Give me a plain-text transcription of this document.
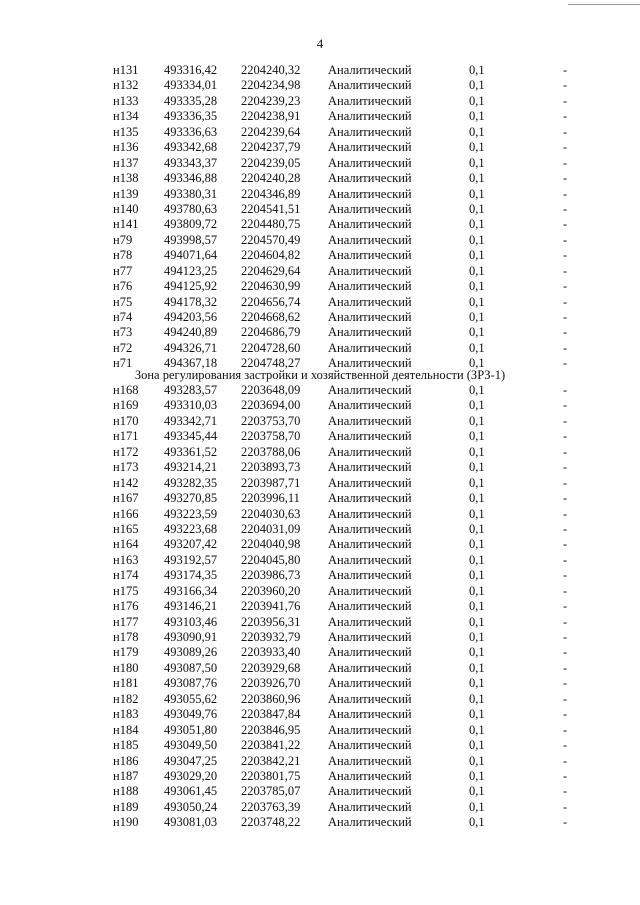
4
н131 493316,42 2204240,32 Аналитический	0,1	-
н132 493334,01 2204234,98 Аналитический	0,1	-
н133 493335,28 2204239,23 Аналитический	0,1	-
н134 493336,35 2204238,91 Аналитический	0,1	-
н135 493336,63 2204239,64 Аналитический	0,1	-
н136 493342,68 2204237,79 Аналитический	0,1	-
н137 493343,37 2204239,05 Аналитический	0,1	-
н138 493346,88 2204240,28 Аналитический	0,1	-
н139 493380,31 2204346,89 Аналитический	0,1	-
н140 493780,63 2204541,51 Аналитический	0,1	-
н141 493809,72 2204480,75 Аналитический	0,1	-
н79	493998,57 2204570,49 Аналитический	0,1	-
н78	494071,64 2204604,82 Аналитический	0,1	-
н77	494123,25 2204629,64 Аналитический	0,1	-
н76	494125,92 2204630,99 Аналитический	0,1	-
н75	494178,32 2204656,74 Аналитический	0,1	-
н74	494203,56 2204668,62 Аналитический	0,1	-
н73	494240,89 2204686,79 Аналитический	0,1	-
н72	494326,71 2204728,60 Аналитический	0,1	-
н71	494367,18 2204748,27 Аналитический	0,1	-
Зона регулирования застройки и хозяйственной деятельности (ЗРЗ-1)
н168 493283,57 2203648,09 Аналитический	0,1	-
н169 493310,03 2203694,00 Аналитический	0,1	-
н170 493342,71 2203753,70 Аналитический	0,1	-
н171 493345,44 2203758,70 Аналитический	0,1	-
н172 493361,52 2203788,06 Аналитический	0,1	-
н173 493214,21 2203893,73 Аналитический	0,1	-
н142 493282,35 2203987,71 Аналитический	0,1	-
н167 493270,85 2203996,11 Аналитический	0,1	-
н166 493223,59 2204030,63 Аналитический	0,1	-
н165 493223,68 2204031,09 Аналитический	0,1	-
н164 493207,42 2204040,98 Аналитический	0,1	-
н163 493192,57 2204045,80 Аналитический	0,1	-
н174 493174,35 2203986,73 Аналитический	0,1	-
н175 493166,34 2203960,20 Аналитический	0,1	-
н176 493146,21 2203941,76 Аналитический	0,1	-
н177 493103,46 2203956,31 Аналитический	0,1	-
н178 493090,91 2203932,79 Аналитический	0,1	-
н179 493089,26 2203933,40 Аналитический	0,1	-
н180 493087,50 2203929,68 Аналитический	0,1	-
н181 493087,76 2203926,70 Аналитический	0,1	-
н182 493055,62 2203860,96 Аналитический	0,1	-
н183 493049,76 2203847,84 Аналитический	0,1	-
н184 493051,80 2203846,95 Аналитический	0,1	-
н185 493049,50 2203841,22 Аналитический	0,1	-
н186 493047,25 2203842,21 Аналитический	0,1	-
н187 493029,20 2203801,75 Аналитический	0,1	-
н188 493061,45 2203785,07 Аналитический	0,1	-
н189 493050,24 2203763,39 Аналитический	0,1	-
н190 493081,03 2203748,22 Аналитический	0,1	-
